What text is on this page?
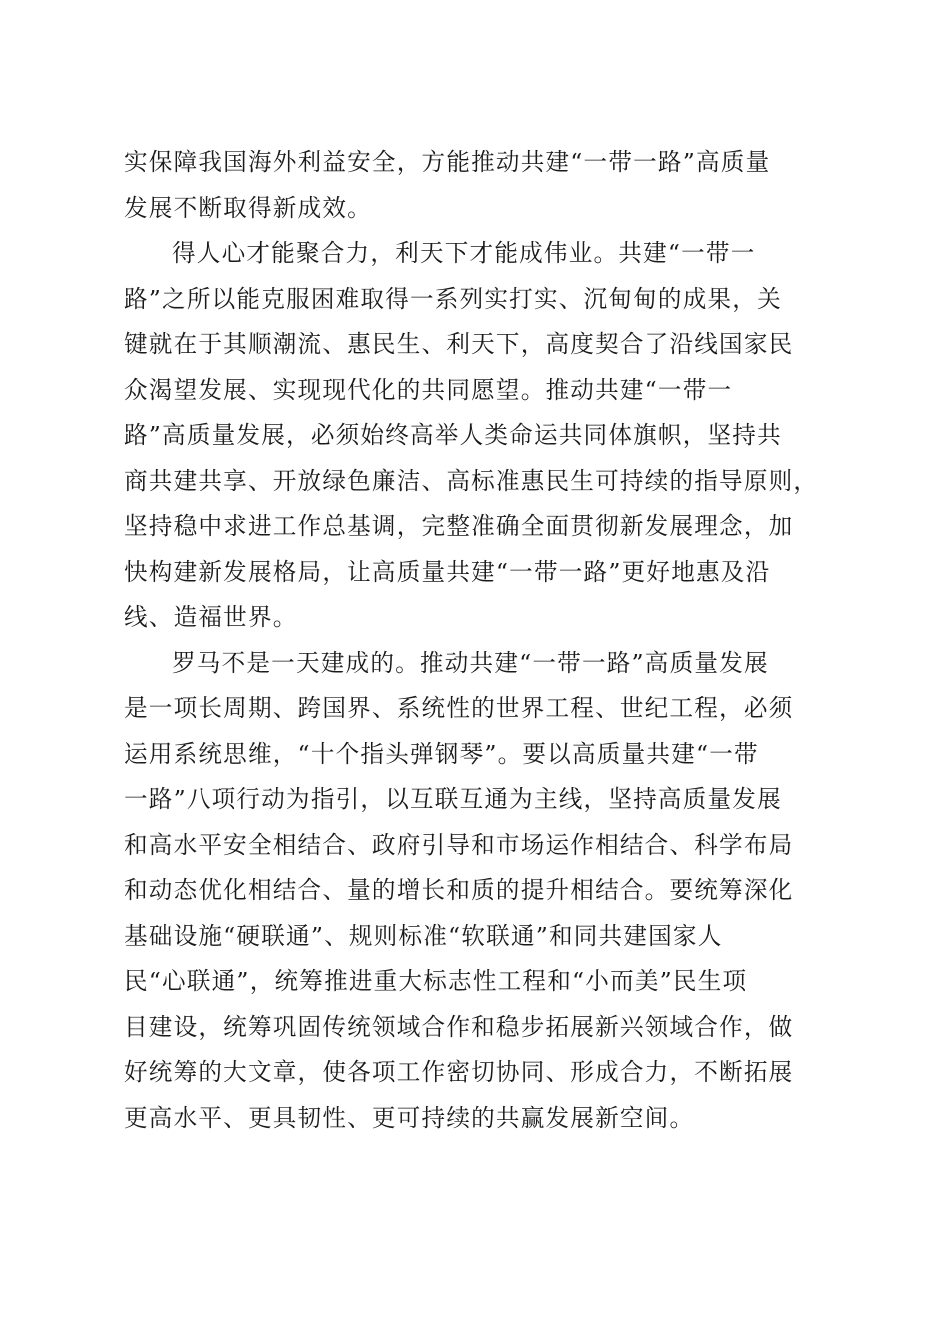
实保障我国海外利益安全，方能推动共建“一带一路”高质量
发展不断取得新成效。
得人心才能聚合力，利天下才能成伟业。共建“一带一
路”之所以能克服困难取得一系列实打实、沉甸甸的成果，关
键就在于其顺潮流、惠民生、利天下，高度契合了沿线国家民
众渴望发展、实现现代化的共同愿望。推动共建“一带一
路”高质量发展，必须始终高举人类命运共同体旗帜，坚持共
商共建共享、开放绿色廉洁、高标准惠民生可持续的指导原则，
坚持稳中求进工作总基调，完整准确全面贯彻新发展理念，加
快构建新发展格局，让高质量共建“一带一路”更好地惠及沿
线、造福世界。
罗马不是一天建成的。推动共建“一带一路”高质量发展
是一项长周期、跨国界、系统性的世界工程、世纪工程，必须
运用系统思维，“十个指头弹钢琴”。要以高质量共建“一带
一路”八项行动为指引，以互联互通为主线，坚持高质量发展
和高水平安全相结合、政府引导和市场运作相结合、科学布局
和动态优化相结合、量的增长和质的提升相结合。要统筹深化
基础设施“硬联通”、规则标准“软联通”和同共建国家人
民“心联通”，统筹推进重大标志性工程和“小而美”民生项
目建设，统筹巩固传统领域合作和稳步拓展新兴领域合作，做
好统筹的大文章，使各项工作密切协同、形成合力，不断拓展
更高水平、更具韧性、更可持续的共赢发展新空间。
